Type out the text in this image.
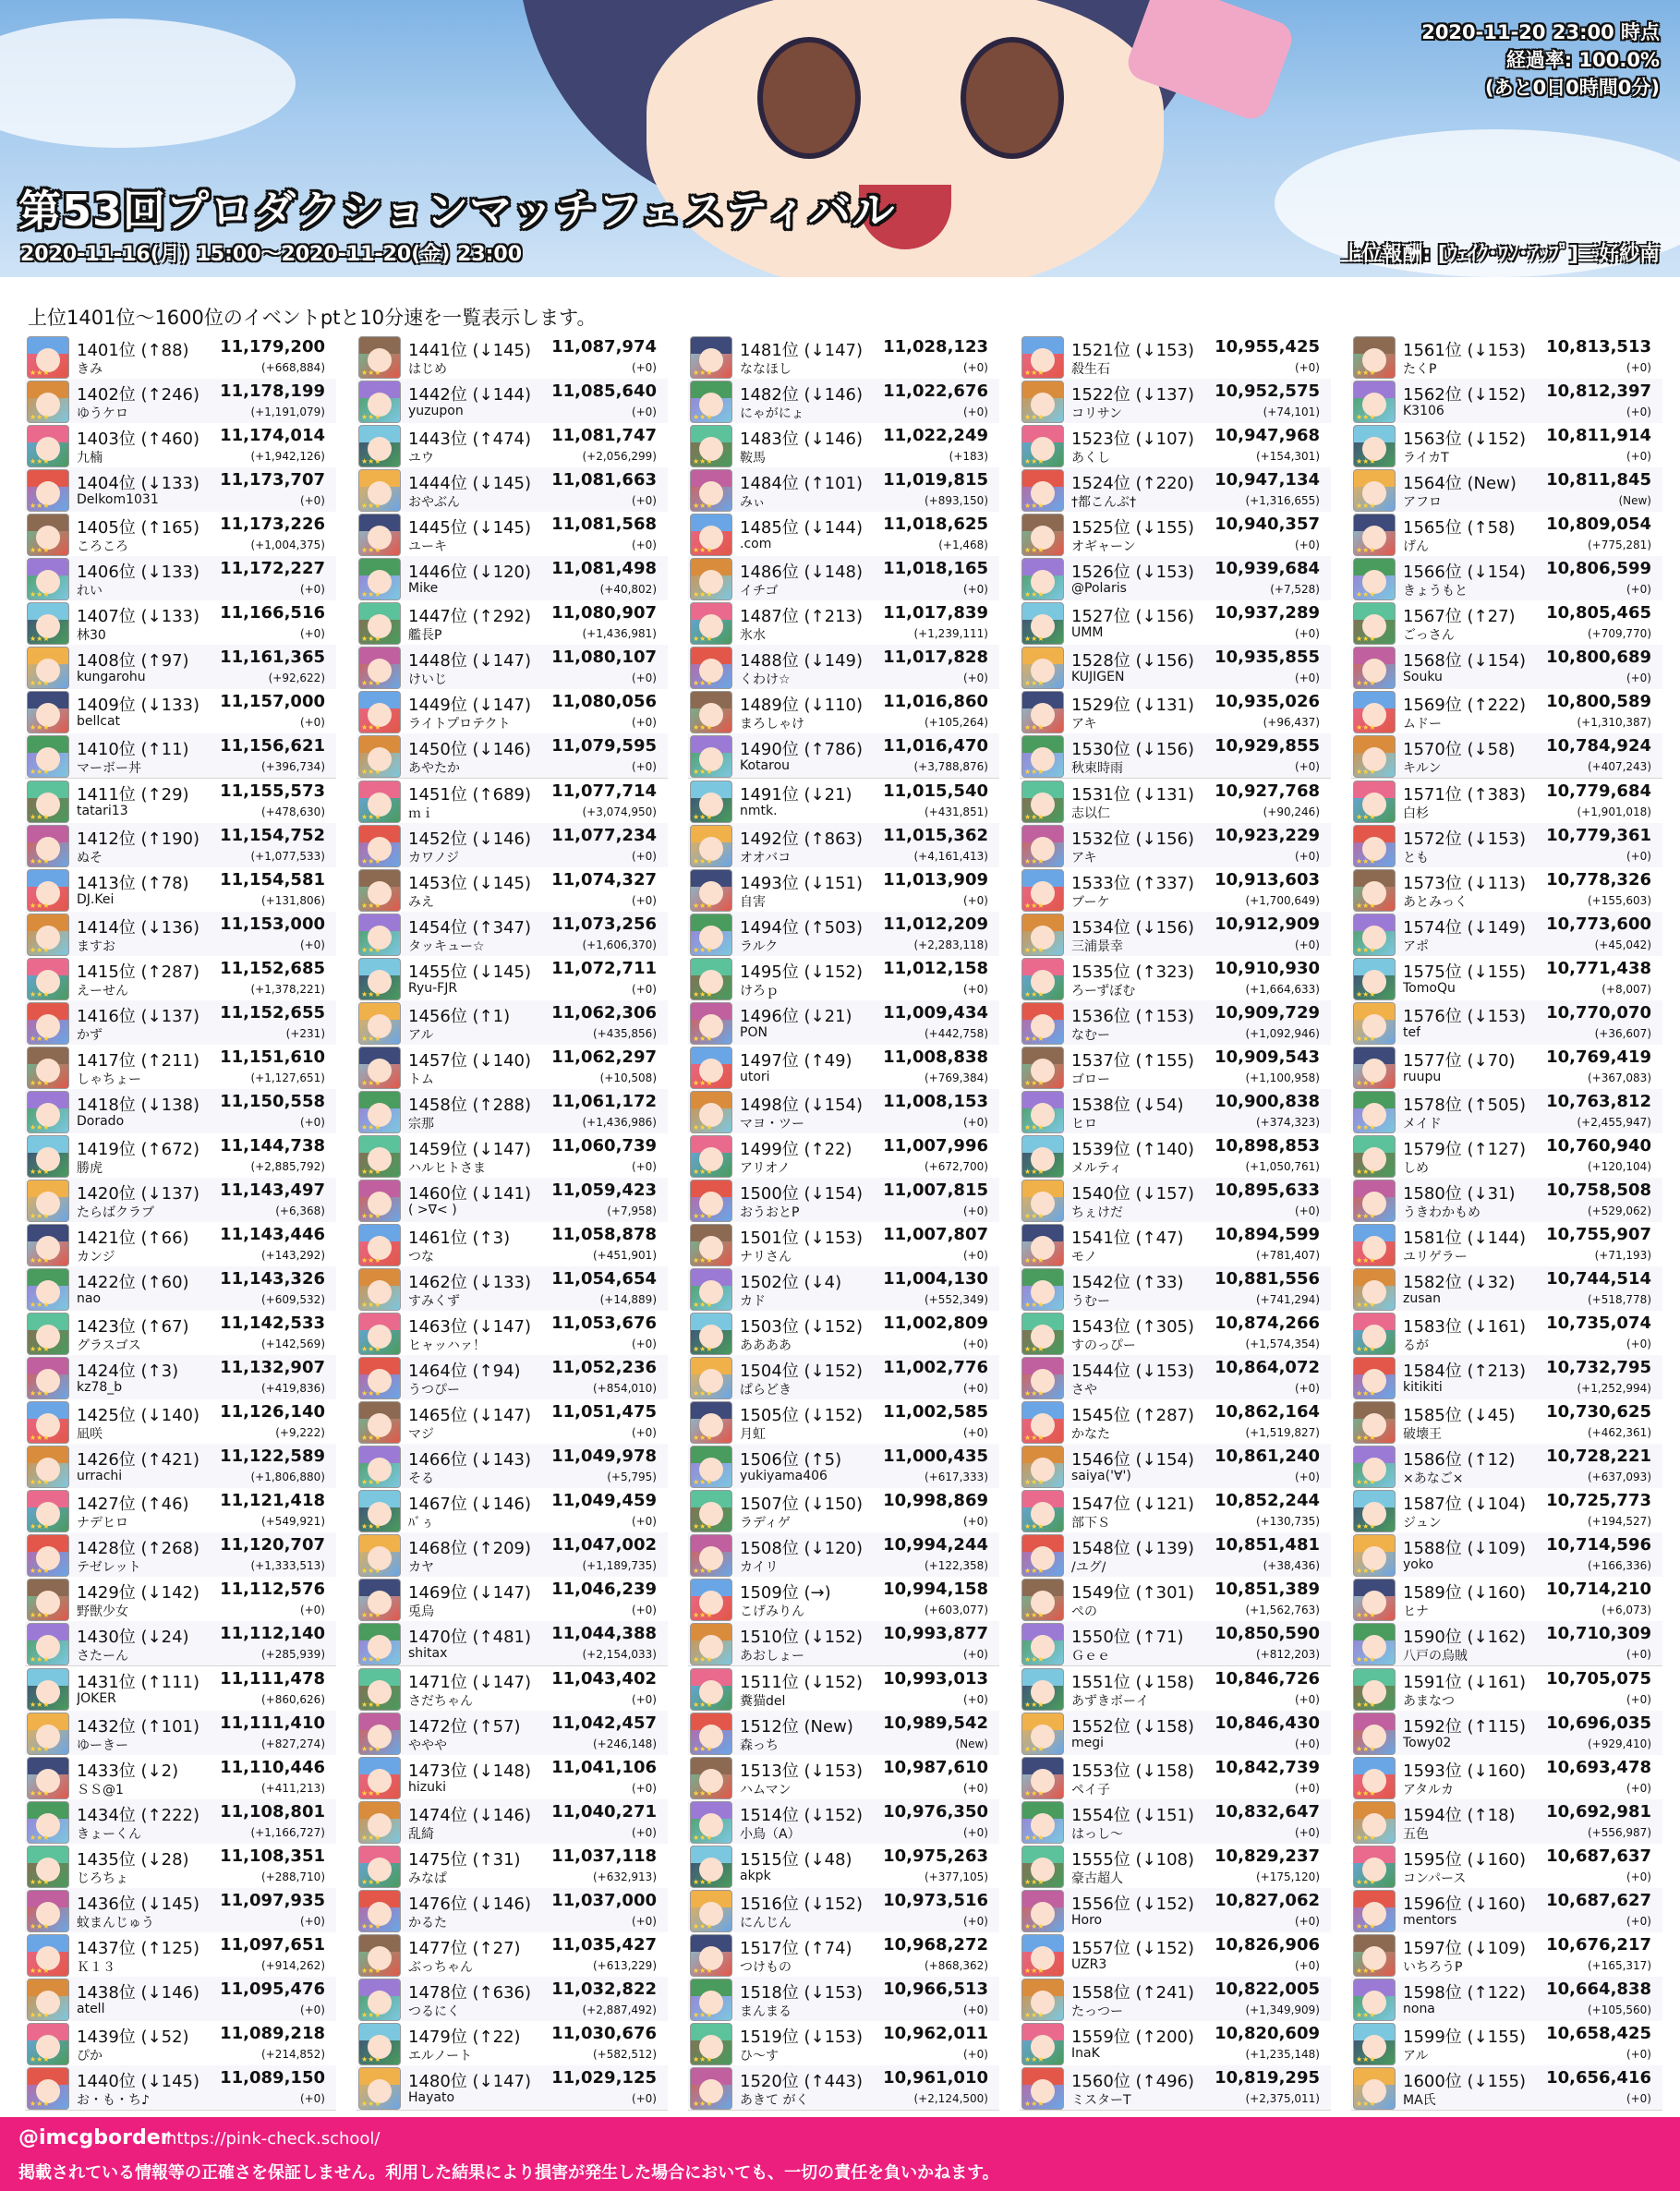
2020-11-20 23:00 時点
経過率: 100.0%
(あと0日0時間0分)
第53回プロダクションマッチフェスティバル
2020-11-16(月) 15:00～2020-11-20(金) 23:00	上位報酬: [ｳｪｲｸ･ﾜﾝ･ｱｯﾌﾟ]三好紗南
上位1401位～1600位のイベントptと10分速を一覧表示します。
★★★
1401位 (↑88) 11,179,200
きみ	(+668,884)
★★★
1402位 (↑246) 11,178,199
ゆうケロ	(+1,191,079)
★★★
1403位 (↑460) 11,174,014
九楠	(+1,942,126)
★★★
1404位 (↓133) 11,173,707
Delkom1031	(+0)
★★★
1405位 (↑165) 11,173,226
ころころ	(+1,004,375)
★★★
1406位 (↓133) 11,172,227
れい	(+0)
★★★
1407位 (↓133) 11,166,516
林30	(+0)
★★★
1408位 (↑97) 11,161,365
kungarohu	(+92,622)
★★★
1409位 (↓133) 11,157,000
bellcat	(+0)
★★★
1410位 (↑11) 11,156,621
マーボー丼	(+396,734)
★★★
1411位 (↑29) 11,155,573
tatari13	(+478,630)
★★★
1412位 (↑190) 11,154,752
ぬそ	(+1,077,533)
★★★
1413位 (↑78) 11,154,581
DJ.Kei	(+131,806)
★★★
1414位 (↓136) 11,153,000
ますお	(+0)
★★★
1415位 (↑287) 11,152,685
えーせん	(+1,378,221)
★★★
1416位 (↓137) 11,152,655
かず	(+231)
★★★
1417位 (↑211) 11,151,610
しゃちょー	(+1,127,651)
★★★
1418位 (↓138) 11,150,558
Dorado	(+0)
★★★
1419位 (↑672) 11,144,738
勝虎	(+2,885,792)
★★★
1420位 (↓137) 11,143,497
たらばクラブ	(+6,368)
★★★
1421位 (↑66) 11,143,446
カンジ	(+143,292)
★★★
1422位 (↑60) 11,143,326
nao	(+609,532)
★★★
1423位 (↑67) 11,142,533
グラスゴス	(+142,569)
★★★
1424位 (↑3)	11,132,907
kz78_b	(+419,836)
★★★
1425位 (↓140) 11,126,140
凪咲	(+9,222)
★★★
1426位 (↑421) 11,122,589
urrachi	(+1,806,880)
★★★
1427位 (↑46) 11,121,418
ナデヒロ	(+549,921)
★★★
1428位 (↑268) 11,120,707
テゼレット	(+1,333,513)
★★★
1429位 (↓142) 11,112,576
野獣少女	(+0)
★★★
1430位 (↓24) 11,112,140
さたーん	(+285,939)
★★★
1431位 (↑111) 11,111,478
JOKER	(+860,626)
★★★
1432位 (↑101) 11,111,410
ゆーきー	(+827,274)
★★★
1433位 (↓2)	11,110,446
ＳＳ@1	(+411,213)
★★★
1434位 (↑222) 11,108,801
きょーくん	(+1,166,727)
★★★
1435位 (↓28) 11,108,351
じろちょ	(+288,710)
★★★
1436位 (↓145) 11,097,935
蚊まんじゅう	(+0)
★★★
1437位 (↑125) 11,097,651
Ｋ１３	(+914,262)
★★★
1438位 (↓146) 11,095,476
atell	(+0)
★★★
1439位 (↓52) 11,089,218
ぴか	(+214,852)
★★★
1440位 (↓145) 11,089,150
お・も・ち♪	(+0)
★★★
1441位 (↓145) 11,087,974
はじめ	(+0)
★★★
1442位 (↓144) 11,085,640
yuzupon	(+0)
★★★
1443位 (↑474) 11,081,747
ユウ	(+2,056,299)
★★★
1444位 (↓145) 11,081,663
おやぶん	(+0)
★★★
1445位 (↓145) 11,081,568
ユーキ	(+0)
★★★
1446位 (↓120) 11,081,498
Mike	(+40,802)
★★★
1447位 (↑292) 11,080,907
艦長P	(+1,436,981)
★★★
1448位 (↓147) 11,080,107
けいじ	(+0)
★★★
1449位 (↓147) 11,080,056
ライトプロテクト	(+0)
★★★
1450位 (↓146) 11,079,595
あやたか	(+0)
★★★
1451位 (↑689) 11,077,714
ｍｉ	(+3,074,950)
★★★
1452位 (↓146) 11,077,234
カワノジ	(+0)
★★★
1453位 (↓145) 11,074,327
みえ	(+0)
★★★
1454位 (↑347) 11,073,256
タッキュー☆	(+1,606,370)
★★★
1455位 (↓145) 11,072,711
Ryu-FJR	(+0)
★★★
1456位 (↑1)	11,062,306
アル	(+435,856)
★★★
1457位 (↓140) 11,062,297
トム	(+10,508)
★★★
1458位 (↑288) 11,061,172
宗那	(+1,436,986)
★★★
1459位 (↓147) 11,060,739
ハルヒトさま	(+0)
★★★
1460位 (↓141) 11,059,423
( >∇< )	(+7,958)
★★★
1461位 (↑3)	11,058,878
つな	(+451,901)
★★★
1462位 (↓133) 11,054,654
すみくず	(+14,889)
★★★
1463位 (↓147) 11,053,676
ヒャッハァ！	(+0)
★★★
1464位 (↑94) 11,052,236
うつぴー	(+854,010)
★★★
1465位 (↓147) 11,051,475
マジ	(+0)
★★★
1466位 (↓143) 11,049,978
そる	(+5,795)
★★★
1467位 (↓146) 11,049,459
ﾊﾞぅ	(+0)
★★★
1468位 (↑209) 11,047,002
カヤ	(+1,189,735)
★★★
1469位 (↓147) 11,046,239
兎烏	(+0)
★★★
1470位 (↑481) 11,044,388
shitax	(+2,154,033)
★★★
1471位 (↓147) 11,043,402
さだちゃん	(+0)
★★★
1472位 (↑57) 11,042,457
ややや	(+246,148)
★★★
1473位 (↓148) 11,041,106
hizuki	(+0)
★★★
1474位 (↓146) 11,040,271
乱綺	(+0)
★★★
1475位 (↑31) 11,037,118
みなぱ	(+632,913)
★★★
1476位 (↓146) 11,037,000
かるた	(+0)
★★★
1477位 (↑27) 11,035,427
ぶっちゃん	(+613,229)
★★★
1478位 (↑636) 11,032,822
つるにく	(+2,887,492)
★★★
1479位 (↑22) 11,030,676
エルノート	(+582,512)
★★★
1480位 (↓147) 11,029,125
Hayato	(+0)
★★★
1481位 (↓147) 11,028,123
ななほし	(+0)
★★★
1482位 (↓146) 11,022,676
にゃがにょ	(+0)
★★★
1483位 (↓146) 11,022,249
鞍馬	(+183)
★★★
1484位 (↑101) 11,019,815
みぃ	(+893,150)
★★★
1485位 (↓144) 11,018,625
.com	(+1,468)
★★★
1486位 (↓148) 11,018,165
イチゴ	(+0)
★★★
1487位 (↑213) 11,017,839
氷水	(+1,239,111)
★★★
1488位 (↓149) 11,017,828
くわけ☆	(+0)
★★★
1489位 (↓110) 11,016,860
まろしゃけ	(+105,264)
★★★
1490位 (↑786) 11,016,470
Kotarou	(+3,788,876)
★★★
1491位 (↓21) 11,015,540
nmtk.	(+431,851)
★★★
1492位 (↑863) 11,015,362
オオバコ	(+4,161,413)
★★★
1493位 (↓151) 11,013,909
自害	(+0)
★★★
1494位 (↑503) 11,012,209
ラルク	(+2,283,118)
★★★
1495位 (↓152) 11,012,158
けろｐ	(+0)
★★★
1496位 (↓21) 11,009,434
PON	(+442,758)
★★★
1497位 (↑49) 11,008,838
utori	(+769,384)
★★★
1498位 (↓154) 11,008,153
マヨ・ツー	(+0)
★★★
1499位 (↑22) 11,007,996
アリオノ	(+672,700)
★★★
1500位 (↓154) 11,007,815
おうおとP	(+0)
★★★
1501位 (↓153) 11,007,807
ナリさん	(+0)
★★★
1502位 (↓4)	11,004,130
カド	(+552,349)
★★★
1503位 (↓152) 11,002,809
ああああ	(+0)
★★★
1504位 (↓152) 11,002,776
ぱらどき	(+0)
★★★
1505位 (↓152) 11,002,585
月虹	(+0)
★★★
1506位 (↑5)	11,000,435
yukiyama406	(+617,333)
★★★
1507位 (↓150) 10,998,869
ラディゲ	(+0)
★★★
1508位 (↓120) 10,994,244
カイリ	(+122,358)
★★★
1509位 (→)	10,994,158
こげみりん	(+603,077)
★★★
1510位 (↓152) 10,993,877
あおしょー	(+0)
★★★
1511位 (↓152) 10,993,013
糞猫del	(+0)
★★★
1512位 (New) 10,989,542
森っち	(New)
★★★
1513位 (↓153) 10,987,610
ハムマン	(+0)
★★★
1514位 (↓152) 10,976,350
小鳥（A）	(+0)
★★★
1515位 (↓48) 10,975,263
akpk	(+377,105)
★★★
1516位 (↓152) 10,973,516
にんじん	(+0)
★★★
1517位 (↑74) 10,968,272
つけもの	(+868,362)
★★★
1518位 (↓153) 10,966,513
まんまる	(+0)
★★★
1519位 (↓153) 10,962,011
ひ～す	(+0)
★★★
1520位 (↑443) 10,961,010
あきて がく	(+2,124,500)
★★★
1521位 (↓153) 10,955,425
殺生石	(+0)
★★★
1522位 (↓137) 10,952,575
コリサン	(+74,101)
★★★
1523位 (↓107) 10,947,968
あくし	(+154,301)
★★★
1524位 (↑220) 10,947,134
†都こんぶ†	(+1,316,655)
★★★
1525位 (↓155) 10,940,357
オギャーン	(+0)
★★★
1526位 (↓153) 10,939,684
@Polaris	(+7,528)
★★★
1527位 (↓156) 10,937,289
UMM	(+0)
★★★
1528位 (↓156) 10,935,855
KUJIGEN	(+0)
★★★
1529位 (↓131) 10,935,026
アキ	(+96,437)
★★★
1530位 (↓156) 10,929,855
秋束時雨	(+0)
★★★
1531位 (↓131) 10,927,768
志以仁	(+90,246)
★★★
1532位 (↓156) 10,923,229
アキ	(+0)
★★★
1533位 (↑337) 10,913,603
ブーケ	(+1,700,649)
★★★
1534位 (↓156) 10,912,909
三浦景幸	(+0)
★★★
1535位 (↑323) 10,910,930
ろーずぼむ	(+1,664,633)
★★★
1536位 (↑153) 10,909,729
なむー	(+1,092,946)
★★★
1537位 (↑155) 10,909,543
ゴロー	(+1,100,958)
★★★
1538位 (↓54) 10,900,838
ヒロ	(+374,323)
★★★
1539位 (↑140) 10,898,853
メルティ	(+1,050,761)
★★★
1540位 (↓157) 10,895,633
ちぇけだ	(+0)
★★★
1541位 (↑47) 10,894,599
モノ	(+781,407)
★★★
1542位 (↑33) 10,881,556
うむー	(+741,294)
★★★
1543位 (↑305) 10,874,266
すのっぴー	(+1,574,354)
★★★
1544位 (↓153) 10,864,072
さや	(+0)
★★★
1545位 (↑287) 10,862,164
かなた	(+1,519,827)
★★★
1546位 (↓154) 10,861,240
saiya('∀')	(+0)
★★★
1547位 (↓121) 10,852,244
部下Ｓ	(+130,735)
★★★
1548位 (↓139) 10,851,481
/ユグ/	(+38,436)
★★★
1549位 (↑301) 10,851,389
ぺの	(+1,562,763)
★★★
1550位 (↑71) 10,850,590
Ｇｅｅ	(+812,203)
★★★
1551位 (↓158) 10,846,726
あずきボーイ	(+0)
★★★
1552位 (↓158) 10,846,430
megi	(+0)
★★★
1553位 (↓158) 10,842,739
ペイ子	(+0)
★★★
1554位 (↓151) 10,832,647
はっし～	(+0)
★★★
1555位 (↓108) 10,829,237
豪古超人	(+175,120)
★★★
1556位 (↓152) 10,827,062
Horo	(+0)
★★★
1557位 (↓152) 10,826,906
UZR3	(+0)
★★★
1558位 (↑241) 10,822,005
たっつー	(+1,349,909)
★★★
1559位 (↑200) 10,820,609
InaK	(+1,235,148)
★★★
1560位 (↑496) 10,819,295
ミスターT	(+2,375,011)
★★★
1561位 (↓153) 10,813,513
たくP	(+0)
★★★
1562位 (↓152) 10,812,397
K3106	(+0)
★★★
1563位 (↓152) 10,811,914
ライカT	(+0)
★★★
1564位 (New) 10,811,845
アフロ	(New)
★★★
1565位 (↑58) 10,809,054
げん	(+775,281)
★★★
1566位 (↓154) 10,806,599
きょうもと	(+0)
★★★
1567位 (↑27) 10,805,465
ごっさん	(+709,770)
★★★
1568位 (↓154) 10,800,689
Souku	(+0)
★★★
1569位 (↑222) 10,800,589
ムドー	(+1,310,387)
★★★
1570位 (↓58) 10,784,924
キルン	(+407,243)
★★★
1571位 (↑383) 10,779,684
白杉	(+1,901,018)
★★★
1572位 (↓153) 10,779,361
とも	(+0)
★★★
1573位 (↓113) 10,778,326
あとみっく	(+155,603)
★★★
1574位 (↓149) 10,773,600
アポ	(+45,042)
★★★
1575位 (↓155) 10,771,438
TomoQu	(+8,007)
★★★
1576位 (↓153) 10,770,070
tef	(+36,607)
★★★
1577位 (↓70) 10,769,419
ruupu	(+367,083)
★★★
1578位 (↑505) 10,763,812
メイド	(+2,455,947)
★★★
1579位 (↑127) 10,760,940
しめ	(+120,104)
★★★
1580位 (↓31) 10,758,508
うきわかもめ	(+529,062)
★★★
1581位 (↓144) 10,755,907
ユリゲラー	(+71,193)
★★★
1582位 (↓32) 10,744,514
zusan	(+518,778)
★★★
1583位 (↓161) 10,735,074
るが	(+0)
★★★
1584位 (↑213) 10,732,795
kitikiti	(+1,252,994)
★★★
1585位 (↓45) 10,730,625
破壊王	(+462,361)
★★★
1586位 (↑12) 10,728,221
×あなご×	(+637,093)
★★★
1587位 (↓104) 10,725,773
ジュン	(+194,527)
★★★
1588位 (↓109) 10,714,596
yoko	(+166,336)
★★★
1589位 (↓160) 10,714,210
ヒナ	(+6,073)
★★★
1590位 (↓162) 10,710,309
八戸の烏賊	(+0)
★★★
1591位 (↓161) 10,705,075
あまなつ	(+0)
★★★
1592位 (↑115) 10,696,035
Towy02	(+929,410)
★★★
1593位 (↓160) 10,693,478
アタルカ	(+0)
★★★
1594位 (↑18) 10,692,981
五色	(+556,987)
★★★
1595位 (↓160) 10,687,637
コンパース	(+0)
★★★
1596位 (↓160) 10,687,627
mentors	(+0)
★★★
1597位 (↓109) 10,676,217
いちろうP	(+165,317)
★★★
1598位 (↑122) 10,664,838
nona	(+105,560)
★★★
1599位 (↓155) 10,658,425
アル	(+0)
★★★
1600位 (↓155) 10,656,416
MA氏	(+0)
@imcgborder
https://pink-check.school/
掲載されている情報等の正確さを保証しません。利用した結果により損害が発生した場合においても、一切の責任を負いかねます。
